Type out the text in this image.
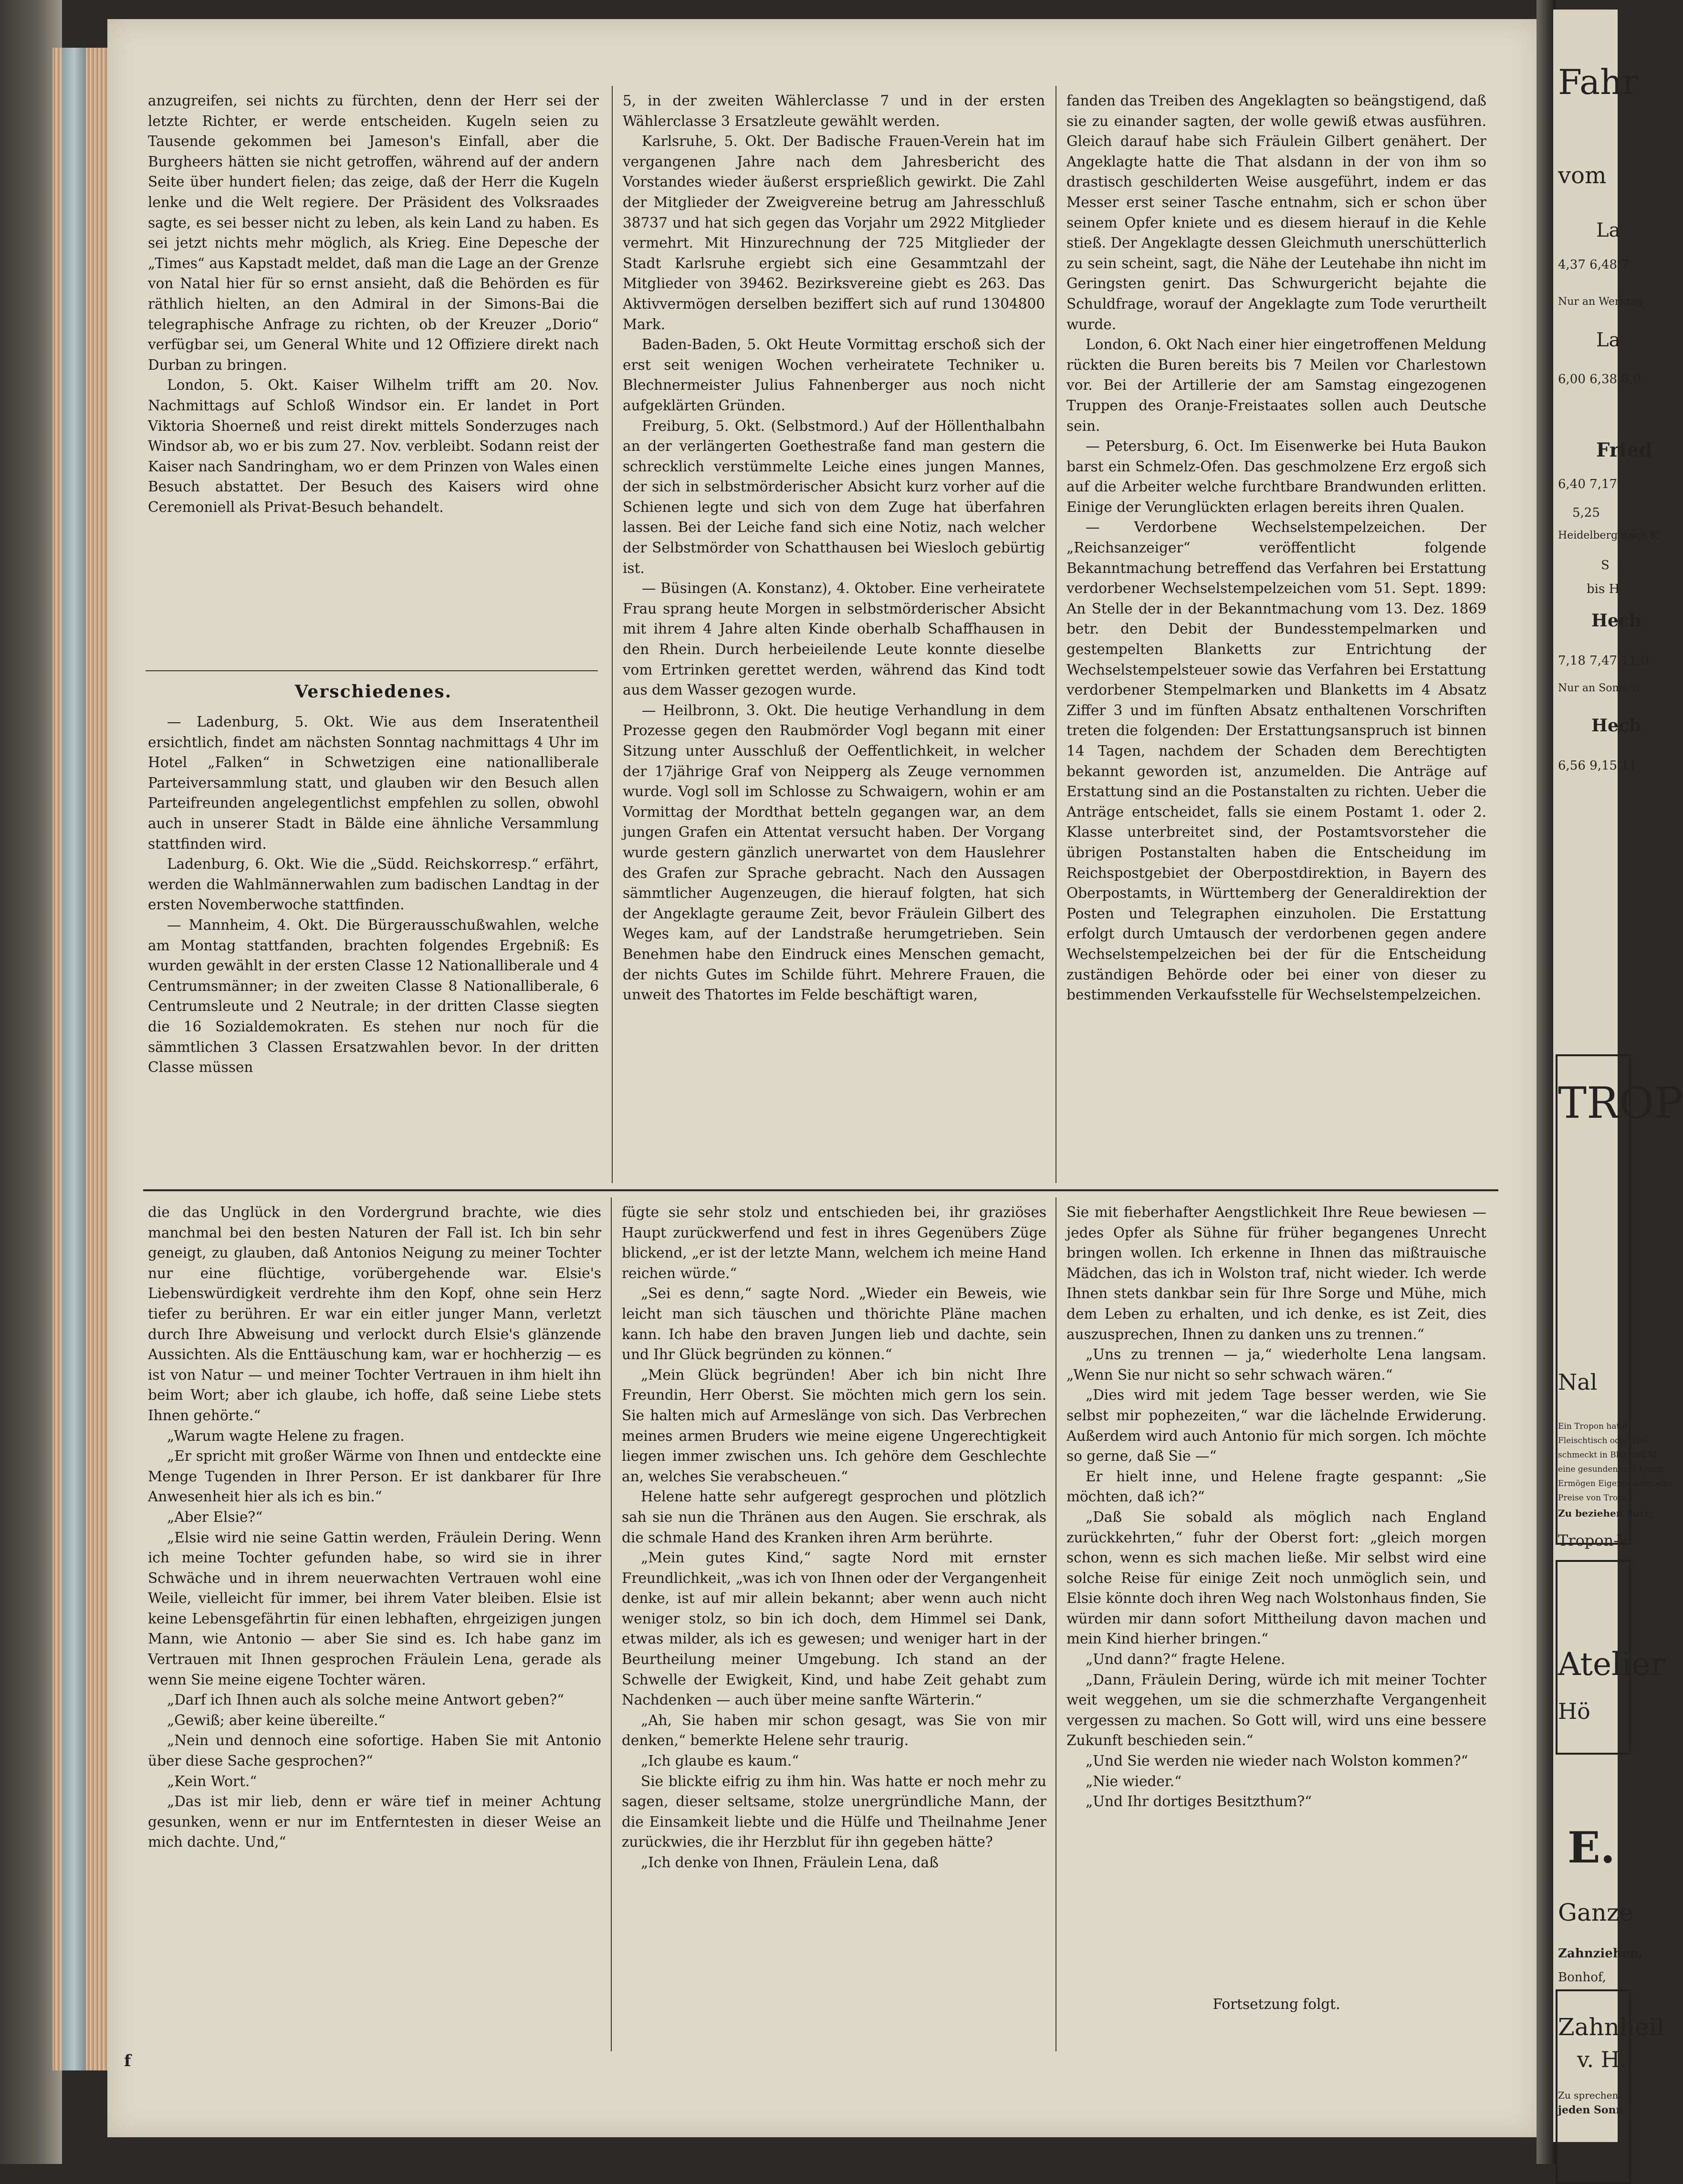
anzugreifen, sei nichts zu fürchten, denn der Herr sei der letzte Richter, er werde entscheiden. Kugeln seien zu Tausende gekommen bei Jameson's Einfall, aber die Burgheers hätten sie nicht getroffen, während auf der andern Seite über hundert fielen; das zeige, daß der Herr die Kugeln lenke und die Welt regiere. Der Präsident des Volksraades sagte, es sei besser nicht zu leben, als kein Land zu haben. Es sei jetzt nichts mehr möglich, als Krieg. Eine Depesche der „Times“ aus Kapstadt meldet, daß man die Lage an der Grenze von Natal hier für so ernst ansieht, daß die Behörden es für räthlich hielten, an den Admiral in der Simons-Bai die telegraphische Anfrage zu richten, ob der Kreuzer „Dorio“ verfügbar sei, um General White und 12 Offiziere direkt nach Durban zu bringen.

London, 5. Okt. Kaiser Wilhelm trifft am 20. Nov. Nachmittags auf Schloß Windsor ein. Er landet in Port Viktoria Shoerneß und reist direkt mittels Sonderzuges nach Windsor ab, wo er bis zum 27. Nov. verbleibt. Sodann reist der Kaiser nach Sandringham, wo er dem Prinzen von Wales einen Besuch abstattet. Der Besuch des Kaisers wird ohne Ceremoniell als Privat-Besuch behandelt.

Verschiedenes.

— Ladenburg, 5. Okt. Wie aus dem Inseratentheil ersichtlich, findet am nächsten Sonntag nachmittags 4 Uhr im Hotel „Falken“ in Schwetzigen eine nationalliberale Parteiversammlung statt, und glauben wir den Besuch allen Parteifreunden angelegentlichst empfehlen zu sollen, obwohl auch in unserer Stadt in Bälde eine ähnliche Versammlung stattfinden wird.

Ladenburg, 6. Okt. Wie die „Südd. Reichskorresp.“ erfährt, werden die Wahlmännerwahlen zum badischen Landtag in der ersten Novemberwoche stattfinden.

— Mannheim, 4. Okt. Die Bürgerausschußwahlen, welche am Montag stattfanden, brachten folgendes Ergebniß: Es wurden gewählt in der ersten Classe 12 Nationalliberale und 4 Centrumsmänner; in der zweiten Classe 8 Nationalliberale, 6 Centrumsleute und 2 Neutrale; in der dritten Classe siegten die 16 Sozialdemokraten. Es stehen nur noch für die sämmtlichen 3 Classen Ersatzwahlen bevor. In der dritten Classe müssen

5, in der zweiten Wählerclasse 7 und in der ersten Wählerclasse 3 Ersatzleute gewählt werden.

Karlsruhe, 5. Okt. Der Badische Frauen-Verein hat im vergangenen Jahre nach dem Jahresbericht des Vorstandes wieder äußerst ersprießlich gewirkt. Die Zahl der Mitglieder der Zweigvereine betrug am Jahresschluß 38737 und hat sich gegen das Vorjahr um 2922 Mitglieder vermehrt. Mit Hinzurechnung der 725 Mitglieder der Stadt Karlsruhe ergiebt sich eine Gesammtzahl der Mitglieder von 39462. Bezirksvereine giebt es 263. Das Aktivvermögen derselben beziffert sich auf rund 1304800 Mark.

Baden-Baden, 5. Okt Heute Vormittag erschoß sich der erst seit wenigen Wochen verheiratete Techniker u. Blechnermeister Julius Fahnenberger aus noch nicht aufgeklärten Gründen.

Freiburg, 5. Okt. (Selbstmord.) Auf der Höllenthalbahn an der verlängerten Goethestraße fand man gestern die schrecklich verstümmelte Leiche eines jungen Mannes, der sich in selbstmörderischer Absicht kurz vorher auf die Schienen legte und sich von dem Zuge hat überfahren lassen. Bei der Leiche fand sich eine Notiz, nach welcher der Selbstmörder von Schatthausen bei Wiesloch gebürtig ist.

— Büsingen (A. Konstanz), 4. Oktober. Eine verheiratete Frau sprang heute Morgen in selbstmörderischer Absicht mit ihrem 4 Jahre alten Kinde oberhalb Schaffhausen in den Rhein. Durch herbeieilende Leute konnte dieselbe vom Ertrinken gerettet werden, während das Kind todt aus dem Wasser gezogen wurde.

— Heilbronn, 3. Okt. Die heutige Verhandlung in dem Prozesse gegen den Raubmörder Vogl begann mit einer Sitzung unter Ausschluß der Oeffentlichkeit, in welcher der 17jährige Graf von Neipperg als Zeuge vernommen wurde. Vogl soll im Schlosse zu Schwaigern, wohin er am Vormittag der Mordthat betteln gegangen war, an dem jungen Grafen ein Attentat versucht haben. Der Vorgang wurde gestern gänzlich unerwartet von dem Hauslehrer des Grafen zur Sprache gebracht. Nach den Aussagen sämmtlicher Augenzeugen, die hierauf folgten, hat sich der Angeklagte geraume Zeit, bevor Fräulein Gilbert des Weges kam, auf der Landstraße herumgetrieben. Sein Benehmen habe den Eindruck eines Menschen gemacht, der nichts Gutes im Schilde führt. Mehrere Frauen, die unweit des Thatortes im Felde beschäftigt waren,

fanden das Treiben des Angeklagten so beängstigend, daß sie zu einander sagten, der wolle gewiß etwas ausführen. Gleich darauf habe sich Fräulein Gilbert genähert. Der Angeklagte hatte die That alsdann in der von ihm so drastisch geschilderten Weise ausgeführt, indem er das Messer erst seiner Tasche entnahm, sich er schon über seinem Opfer kniete und es diesem hierauf in die Kehle stieß. Der Angeklagte dessen Gleichmuth unerschütterlich zu sein scheint, sagt, die Nähe der Leutehabe ihn nicht im Geringsten genirt. Das Schwurgericht bejahte die Schuldfrage, worauf der Angeklagte zum Tode verurtheilt wurde.

London, 6. Okt Nach einer hier eingetroffenen Meldung rückten die Buren bereits bis 7 Meilen vor Charlestown vor. Bei der Artillerie der am Samstag eingezogenen Truppen des Oranje-Freistaates sollen auch Deutsche sein.

— Petersburg, 6. Oct. Im Eisenwerke bei Huta Baukon barst ein Schmelz-Ofen. Das geschmolzene Erz ergoß sich auf die Arbeiter welche furchtbare Brandwunden erlitten. Einige der Verunglückten erlagen bereits ihren Qualen.

— Verdorbene Wechselstempelzeichen. Der „Reichsanzeiger“ veröffentlicht folgende Bekanntmachung betreffend das Verfahren bei Erstattung verdorbener Wechselstempelzeichen vom 51. Sept. 1899: An Stelle der in der Bekanntmachung vom 13. Dez. 1869 betr. den Debit der Bundesstempelmarken und gestempelten Blanketts zur Entrichtung der Wechselstempelsteuer sowie das Verfahren bei Erstattung verdorbener Stempelmarken und Blanketts im 4 Absatz Ziffer 3 und im fünften Absatz enthaltenen Vorschriften treten die folgenden: Der Erstattungsanspruch ist binnen 14 Tagen, nachdem der Schaden dem Berechtigten bekannt geworden ist, anzumelden. Die Anträge auf Erstattung sind an die Postanstalten zu richten. Ueber die Anträge entscheidet, falls sie einem Postamt 1. oder 2. Klasse unterbreitet sind, der Postamtsvorsteher die übrigen Postanstalten haben die Entscheidung im Reichspostgebiet der Oberpostdirektion, in Bayern des Oberpostamts, in Württemberg der Generaldirektion der Posten und Telegraphen einzuholen. Die Erstattung erfolgt durch Umtausch der verdorbenen gegen andere Wechselstempelzeichen bei der für die Entscheidung zuständigen Behörde oder bei einer von dieser zu bestimmenden Verkaufsstelle für Wechselstempelzeichen.

die das Unglück in den Vordergrund brachte, wie dies manchmal bei den besten Naturen der Fall ist. Ich bin sehr geneigt, zu glauben, daß Antonios Neigung zu meiner Tochter nur eine flüchtige, vorübergehende war. Elsie's Liebenswürdigkeit verdrehte ihm den Kopf, ohne sein Herz tiefer zu berühren. Er war ein eitler junger Mann, verletzt durch Ihre Abweisung und verlockt durch Elsie's glänzende Aussichten. Als die Enttäuschung kam, war er hochherzig — es ist von Natur — und meiner Tochter Vertrauen in ihm hielt ihn beim Wort; aber ich glaube, ich hoffe, daß seine Liebe stets Ihnen gehörte.“

„Warum wagte Helene zu fragen.

„Er spricht mit großer Wärme von Ihnen und entdeckte eine Menge Tugenden in Ihrer Person. Er ist dankbarer für Ihre Anwesenheit hier als ich es bin.“

„Aber Elsie?“

„Elsie wird nie seine Gattin werden, Fräulein Dering. Wenn ich meine Tochter gefunden habe, so wird sie in ihrer Schwäche und in ihrem neuerwachten Vertrauen wohl eine Weile, vielleicht für immer, bei ihrem Vater bleiben. Elsie ist keine Lebensgefährtin für einen lebhaften, ehrgeizigen jungen Mann, wie Antonio — aber Sie sind es. Ich habe ganz im Vertrauen mit Ihnen gesprochen Fräulein Lena, gerade als wenn Sie meine eigene Tochter wären.

„Darf ich Ihnen auch als solche meine Antwort geben?“

„Gewiß; aber keine übereilte.“

„Nein und dennoch eine sofortige. Haben Sie mit Antonio über diese Sache gesprochen?“

„Kein Wort.“

„Das ist mir lieb, denn er wäre tief in meiner Achtung gesunken, wenn er nur im Entferntesten in dieser Weise an mich dachte. Und,“

fügte sie sehr stolz und entschieden bei, ihr graziöses Haupt zurückwerfend und fest in ihres Gegenübers Züge blickend, „er ist der letzte Mann, welchem ich meine Hand reichen würde.“

„Sei es denn,“ sagte Nord. „Wieder ein Beweis, wie leicht man sich täuschen und thörichte Pläne machen kann. Ich habe den braven Jungen lieb und dachte, sein und Ihr Glück begründen zu können.“

„Mein Glück begründen! Aber ich bin nicht Ihre Freundin, Herr Oberst. Sie möchten mich gern los sein. Sie halten mich auf Armeslänge von sich. Das Verbrechen meines armen Bruders wie meine eigene Ungerechtigkeit liegen immer zwischen uns. Ich gehöre dem Geschlechte an, welches Sie verabscheuen.“

Helene hatte sehr aufgeregt gesprochen und plötzlich sah sie nun die Thränen aus den Augen. Sie erschrak, als die schmale Hand des Kranken ihren Arm berührte.

„Mein gutes Kind,“ sagte Nord mit ernster Freundlichkeit, „was ich von Ihnen oder der Vergangenheit denke, ist auf mir allein bekannt; aber wenn auch nicht weniger stolz, so bin ich doch, dem Himmel sei Dank, etwas milder, als ich es gewesen; und weniger hart in der Beurtheilung meiner Umgebung. Ich stand an der Schwelle der Ewigkeit, Kind, und habe Zeit gehabt zum Nachdenken — auch über meine sanfte Wärterin.“

„Ah, Sie haben mir schon gesagt, was Sie von mir denken,“ bemerkte Helene sehr traurig.

„Ich glaube es kaum.“

Sie blickte eifrig zu ihm hin. Was hatte er noch mehr zu sagen, dieser seltsame, stolze unergründliche Mann, der die Einsamkeit liebte und die Hülfe und Theilnahme Jener zurückwies, die ihr Herzblut für ihn gegeben hätte?

„Ich denke von Ihnen, Fräulein Lena, daß

Sie mit fieberhafter Aengstlichkeit Ihre Reue bewiesen — jedes Opfer als Sühne für früher begangenes Unrecht bringen wollen. Ich erkenne in Ihnen das mißtrauische Mädchen, das ich in Wolston traf, nicht wieder. Ich werde Ihnen stets dankbar sein für Ihre Sorge und Mühe, mich dem Leben zu erhalten, und ich denke, es ist Zeit, dies auszusprechen, Ihnen zu danken uns zu trennen.“

„Uns zu trennen — ja,“ wiederholte Lena langsam. „Wenn Sie nur nicht so sehr schwach wären.“

„Dies wird mit jedem Tage besser werden, wie Sie selbst mir pophezeiten,“ war die lächelnde Erwiderung. Außerdem wird auch Antonio für mich sorgen. Ich möchte so gerne, daß Sie —“

Er hielt inne, und Helene fragte gespannt: „Sie möchten, daß ich?“

„Daß Sie sobald als möglich nach England zurückkehrten,“ fuhr der Oberst fort: „gleich morgen schon, wenn es sich machen ließe. Mir selbst wird eine solche Reise für einige Zeit noch unmöglich sein, und Elsie könnte doch ihren Weg nach Wolstonhaus finden, Sie würden mir dann sofort Mittheilung davon machen und mein Kind hierher bringen.“

„Und dann?“ fragte Helene.

„Dann, Fräulein Dering, würde ich mit meiner Tochter weit weggehen, um sie die schmerzhafte Vergangenheit vergessen zu machen. So Gott will, wird uns eine bessere Zukunft beschieden sein.“

„Und Sie werden nie wieder nach Wolston kommen?“

„Nie wieder.“

„Und Ihr dortiges Besitzthum?“

Fortsetzung folgt.
f
Fahr
vom
La
4,37 6,48 7
Nur an Werktag
La
6,00 6,38 8,0
Fried
6,40 7,17
5,25
Heidelberg nach K
S
bis H
Hech
7,18 7,47 11,0
Nur an Sonn- u
Hech
6,56 9,15 11
TROP
Nal
Ein Tropon hat d
Fleischtisch oder 180
schmeckt in Blut und M
eine gesunden und Krank
Ermögen Eigengeschmacks
Preise von Tropon
Zu beziehen durc
Tropon-V
Atelier
Hö
E.
Ganze
Zahnziehen,
Bonhof,
Zahnheil
v. H.
Zu sprechen
jeden Sonn
